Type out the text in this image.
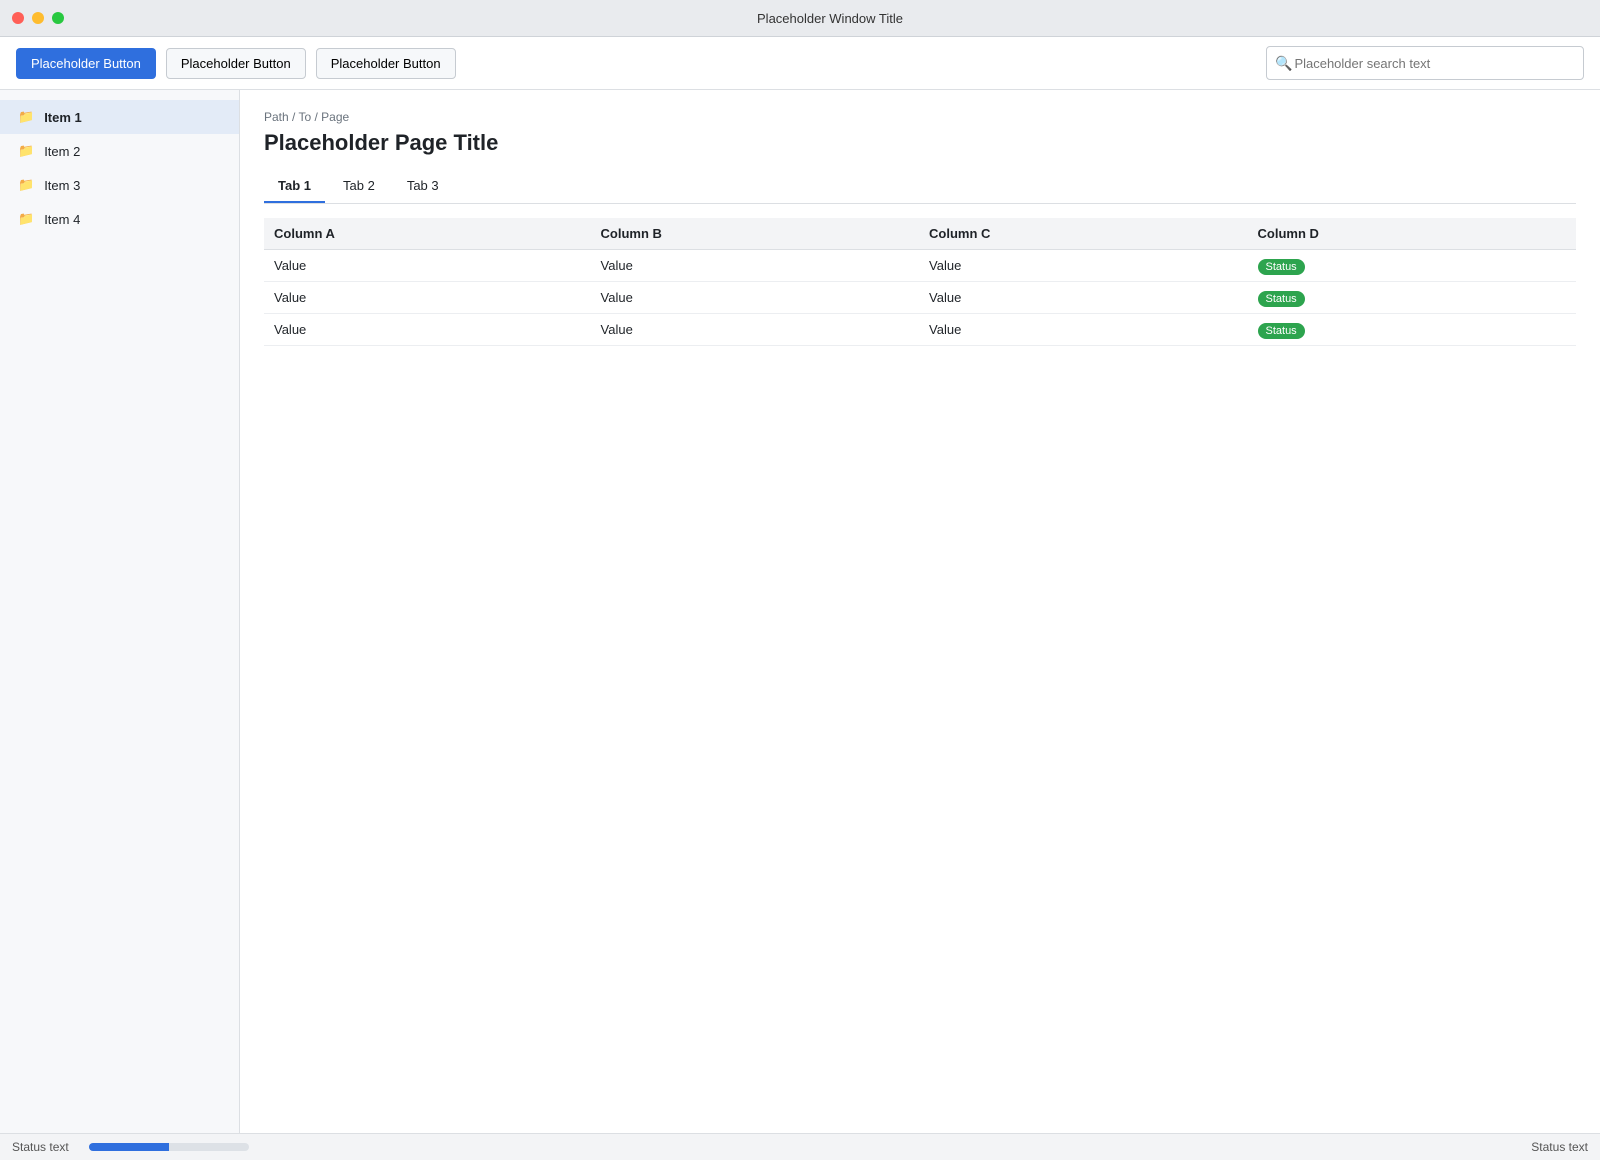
Placeholder Window Title
Placeholder Button	Placeholder Button	Placeholder Button	🔍
Placeholder search text
📁 Item 1
📁 Item 2
📁 Item 3
📁 Item 4
Path / To / Page
Placeholder Page Title
Tab 1	Tab 2	Tab 3
Column A	Column B	Column C	Column D
Value	Value	Value	Status
Value	Value	Value	Status
Value	Value	Value	Status
Status text	Status text
